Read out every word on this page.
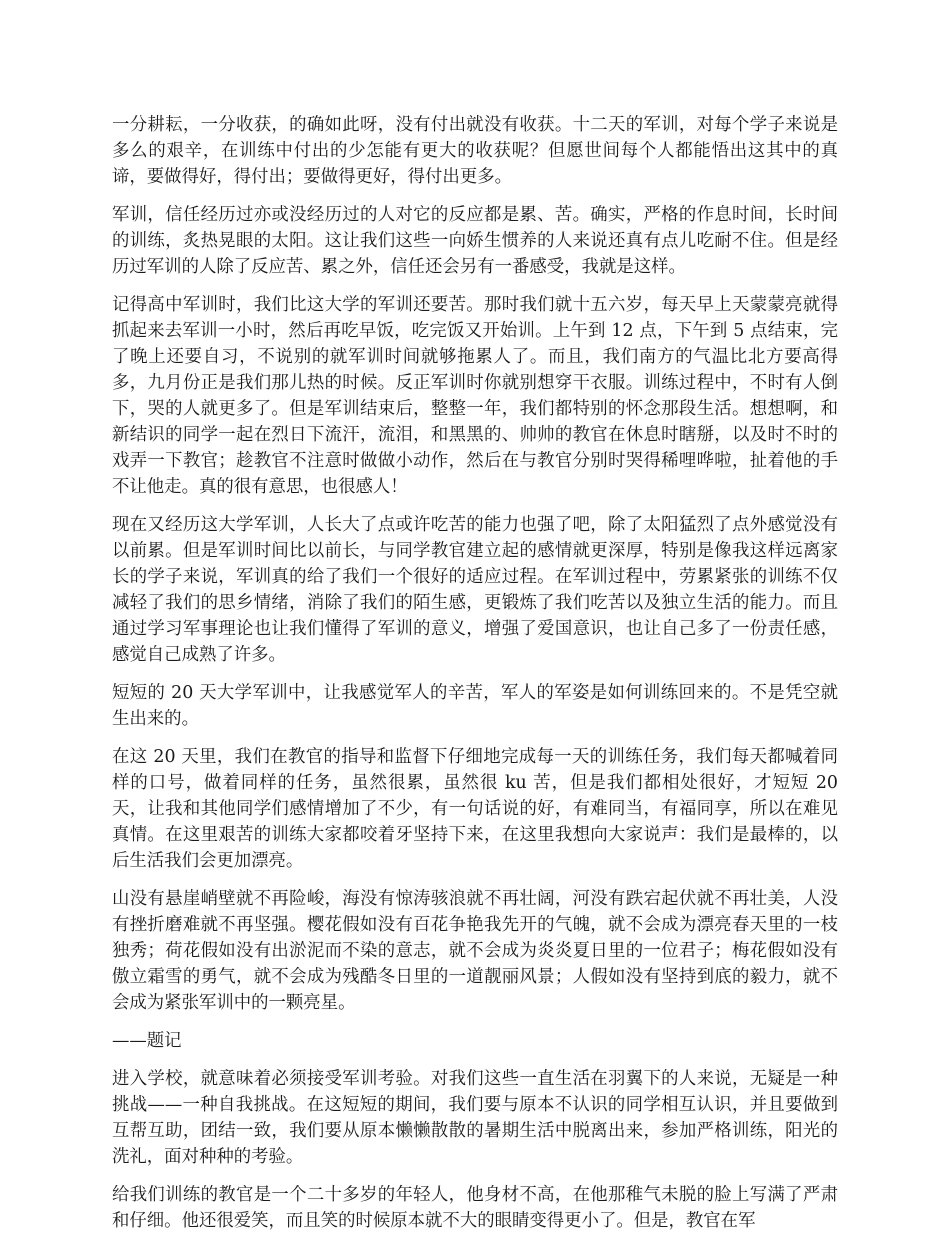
一分耕耘，一分收获，的确如此呀，没有付出就没有收获。十二天的军训，对每个学子来说是多么的艰辛，在训练中付出的少怎能有更大的收获呢？但愿世间每个人都能悟出这其中的真谛，要做得好，得付出；要做得更好，得付出更多。

军训，信任经历过亦或没经历过的人对它的反应都是累、苦。确实，严格的作息时间，长时间的训练，炙热晃眼的太阳。这让我们这些一向娇生惯养的人来说还真有点儿吃耐不住。但是经历过军训的人除了反应苦、累之外，信任还会另有一番感受，我就是这样。

记得高中军训时，我们比这大学的军训还要苦。那时我们就十五六岁，每天早上天蒙蒙亮就得抓起来去军训一小时，然后再吃早饭，吃完饭又开始训。上午到 12 点，下午到 5 点结束，完了晚上还要自习，不说别的就军训时间就够拖累人了。而且，我们南方的气温比北方要高得多，九月份正是我们那儿热的时候。反正军训时你就别想穿干衣服。训练过程中，不时有人倒下，哭的人就更多了。但是军训结束后，整整一年，我们都特别的怀念那段生活。想想啊，和新结识的同学一起在烈日下流汗，流泪，和黑黑的、帅帅的教官在休息时瞎掰，以及时不时的戏弄一下教官；趁教官不注意时做做小动作，然后在与教官分别时哭得稀哩哗啦，扯着他的手不让他走。真的很有意思，也很感人！

现在又经历这大学军训，人长大了点或许吃苦的能力也强了吧，除了太阳猛烈了点外感觉没有以前累。但是军训时间比以前长，与同学教官建立起的感情就更深厚，特别是像我这样远离家长的学子来说，军训真的给了我们一个很好的适应过程。在军训过程中，劳累紧张的训练不仅减轻了我们的思乡情绪，消除了我们的陌生感，更锻炼了我们吃苦以及独立生活的能力。而且通过学习军事理论也让我们懂得了军训的意义，增强了爱国意识，也让自己多了一份责任感，感觉自己成熟了许多。

短短的 20 天大学军训中，让我感觉军人的辛苦，军人的军姿是如何训练回来的。不是凭空就生出来的。

在这 20 天里，我们在教官的指导和监督下仔细地完成每一天的训练任务，我们每天都喊着同样的口号，做着同样的任务，虽然很累，虽然很 ku 苦，但是我们都相处很好，才短短 20 天，让我和其他同学们感情增加了不少，有一句话说的好，有难同当，有福同享，所以在难见真情。在这里艰苦的训练大家都咬着牙坚持下来，在这里我想向大家说声：我们是最棒的，以后生活我们会更加漂亮。

山没有悬崖峭壁就不再险峻，海没有惊涛骇浪就不再壮阔，河没有跌宕起伏就不再壮美，人没有挫折磨难就不再坚强。樱花假如没有百花争艳我先开的气魄，就不会成为漂亮春天里的一枝独秀；荷花假如没有出淤泥而不染的意志，就不会成为炎炎夏日里的一位君子；梅花假如没有傲立霜雪的勇气，就不会成为残酷冬日里的一道靓丽风景；人假如没有坚持到底的毅力，就不会成为紧张军训中的一颗亮星。

——题记

进入学校，就意味着必须接受军训考验。对我们这些一直生活在羽翼下的人来说，无疑是一种挑战——一种自我挑战。在这短短的期间，我们要与原本不认识的同学相互认识，并且要做到互帮互助，团结一致，我们要从原本懒懒散散的暑期生活中脱离出来，参加严格训练，阳光的洗礼，面对种种的考验。

给我们训练的教官是一个二十多岁的年轻人，他身材不高，在他那稚气未脱的脸上写满了严肃和仔细。他还很爱笑，而且笑的时候原本就不大的眼睛变得更小了。但是，教官在军
